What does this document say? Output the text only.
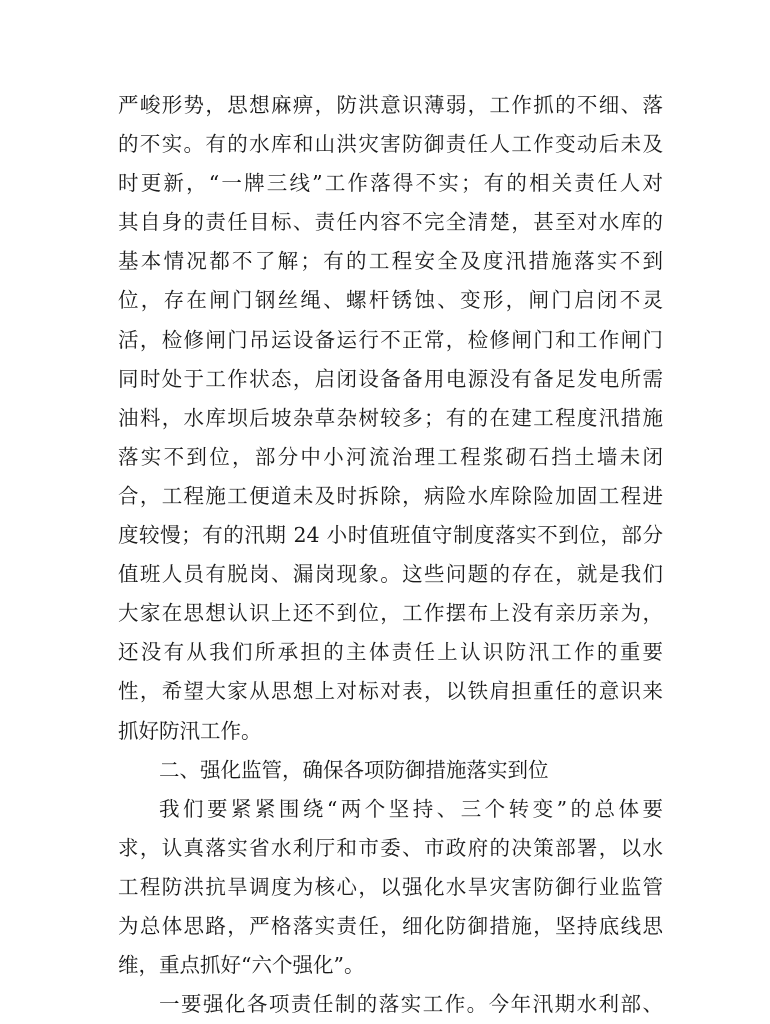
严峻形势，思想麻痹，防洪意识薄弱，工作抓的不细、落
的不实。有的水库和山洪灾害防御责任人工作变动后未及
时更新，“一牌三线”工作落得不实；有的相关责任人对
其自身的责任目标、责任内容不完全清楚，甚至对水库的
基本情况都不了解；有的工程安全及度汛措施落实不到
位，存在闸门钢丝绳、螺杆锈蚀、变形，闸门启闭不灵
活，检修闸门吊运设备运行不正常，检修闸门和工作闸门
同时处于工作状态，启闭设备备用电源没有备足发电所需
油料，水库坝后坡杂草杂树较多；有的在建工程度汛措施
落实不到位，部分中小河流治理工程浆砌石挡土墙未闭
合，工程施工便道未及时拆除，病险水库除险加固工程进
度较慢；有的汛期 24 小时值班值守制度落实不到位，部分
值班人员有脱岗、漏岗现象。这些问题的存在，就是我们
大家在思想认识上还不到位，工作摆布上没有亲历亲为，
还没有从我们所承担的主体责任上认识防汛工作的重要
性，希望大家从思想上对标对表，以铁肩担重任的意识来
抓好防汛工作。
二、强化监管，确保各项防御措施落实到位
我们要紧紧围绕“两个坚持、三个转变”的总体要
求，认真落实省水利厅和市委、市政府的决策部署，以水
工程防洪抗旱调度为核心，以强化水旱灾害防御行业监管
为总体思路，严格落实责任，细化防御措施，坚持底线思
维，重点抓好“六个强化”。
一要强化各项责任制的落实工作。今年汛期水利部、
